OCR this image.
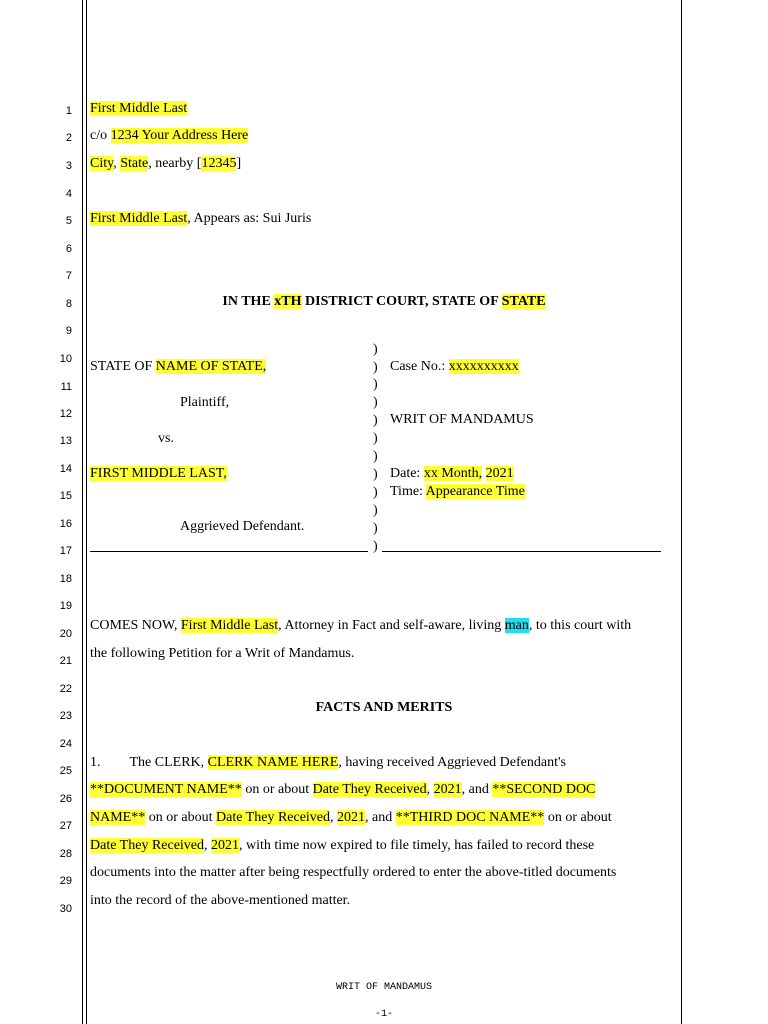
1
2
3
4
5
6
7
8
9
10
11
12
13
14
15
16
17
18
19
20
21
22
23
24
25
26
27
28
29
30
First Middle Last
c/o 1234 Your Address Here
City, State, nearby [12345]
First Middle Last, Appears as: Sui Juris
IN THE xTH DISTRICT COURT, STATE OF STATE
STATE OF NAME OF STATE,
Plaintiff,
vs.
FIRST MIDDLE LAST,
Aggrieved Defendant.
)
)
)
)
)
)
)
)
)
)
)
)
Case No.: xxxxxxxxxx
WRIT OF MANDAMUS
Date: xx Month, 2021
Time: Appearance Time
COMES NOW, First Middle Last, Attorney in Fact and self-aware, living man, to this court with
the following Petition for a Writ of Mandamus.
FACTS AND MERITS
1. The CLERK, CLERK NAME HERE, having received Aggrieved Defendant's
**DOCUMENT NAME** on or about Date They Received, 2021, and **SECOND DOC
NAME** on or about Date They Received, 2021, and **THIRD DOC NAME** on or about
Date They Received, 2021, with time now expired to file timely, has failed to record these
documents into the matter after being respectfully ordered to enter the above-titled documents
into the record of the above-mentioned matter.
WRIT OF MANDAMUS
-1-
